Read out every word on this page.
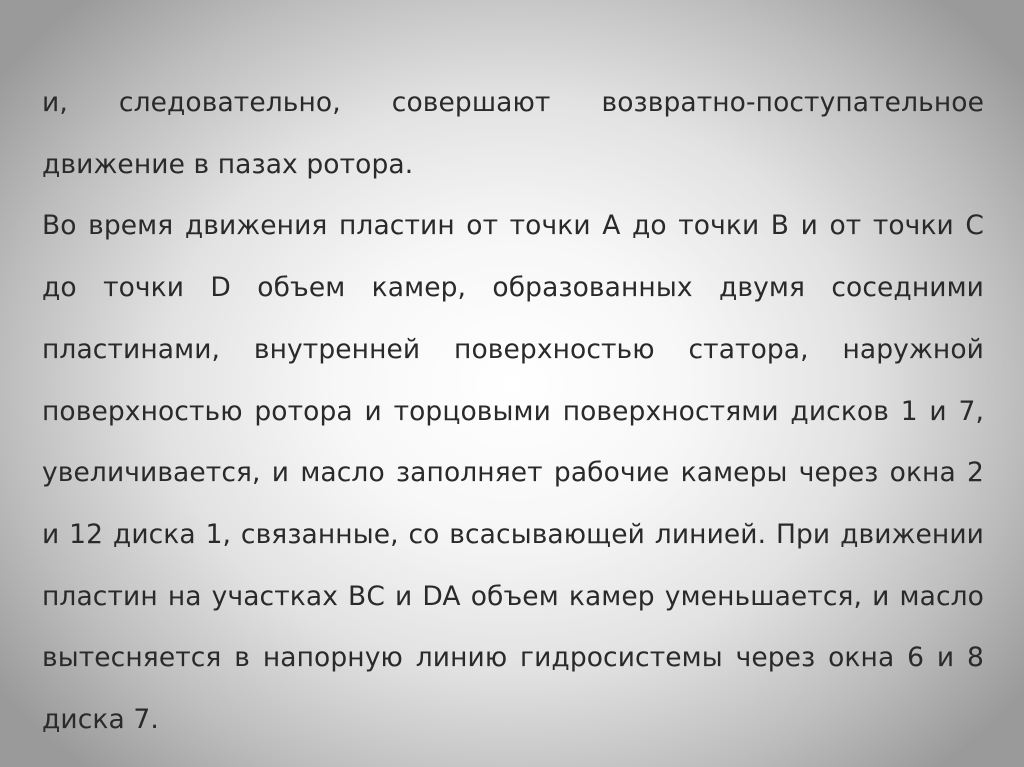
и, следовательно, совершают возвратно-поступательное движение в пазах ротора.

Во время движения пластин от точки А до точки В и от точки С до точки D объем камер, образованных двумя соседними пластинами, внутренней поверхностью статора, наружной поверхностью ротора и торцовыми поверхностями дисков 1 и 7, увеличивается, и масло заполняет рабочие камеры через окна 2 и 12 диска 1, связанные, со всасывающей линией. При движении пластин на участках ВС и DA объем камер уменьшается, и масло вытесняется в напорную линию гидросистемы через окна 6 и 8 диска 7.
